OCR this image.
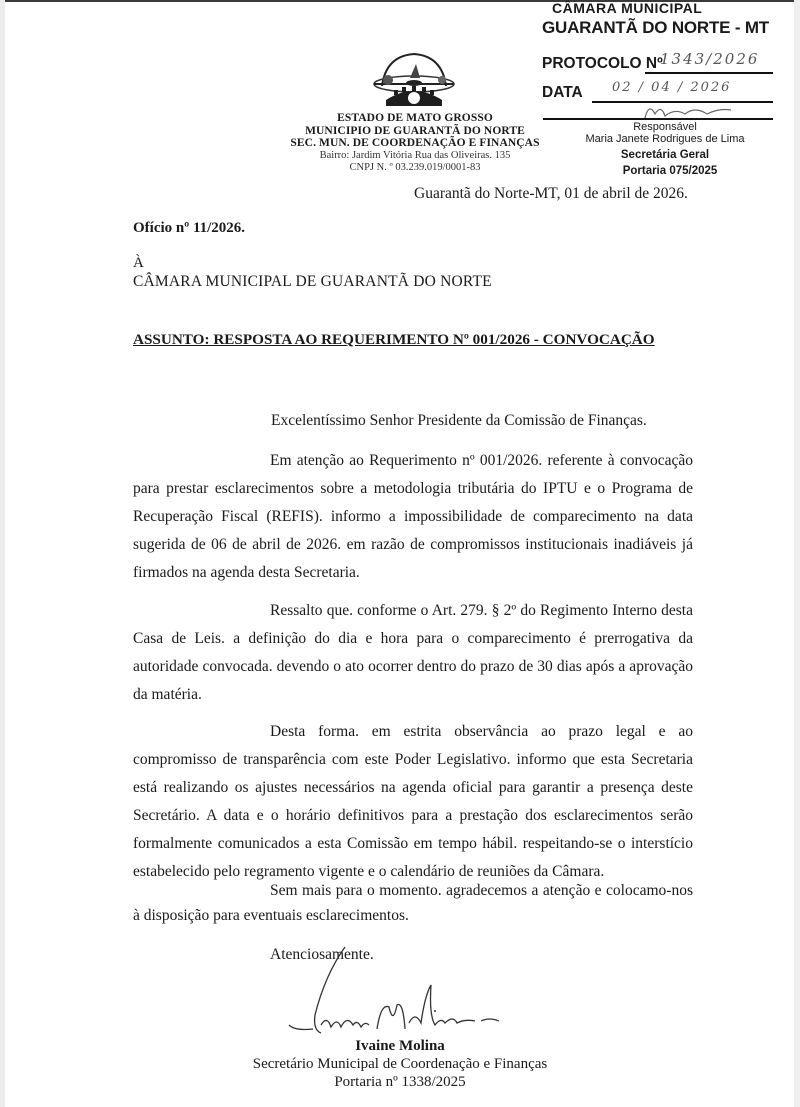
ESTADO DE MATO GROSSO
MUNICIPIO DE GUARANTÃ DO NORTE
SEC. MUN. DE COORDENAÇÃO E FINANÇAS
Bairro: Jardim Vitória Rua das Oliveiras. 135
CNPJ N. º 03.239.019/0001-83
CÂMARA MUNICIPAL
GUARANTÃ DO NORTE - MT
PROTOCOLO Nº
1343/2026
DATA 02 / 04 / 2026
Responsável
Maria Janete Rodrigues de Lima
Secretária Geral
Portaria 075/2025
Guarantã do Norte-MT, 01 de abril de 2026.
Ofício nº 11/2026.
À
CÂMARA MUNICIPAL DE GUARANTÃ DO NORTE
ASSUNTO: RESPOSTA AO REQUERIMENTO Nº 001/2026 - CONVOCAÇÃO
Excelentíssimo Senhor Presidente da Comissão de Finanças.

Em atenção ao Requerimento nº 001/2026. referente à convocação para prestar esclarecimentos sobre a metodologia tributária do IPTU e o Programa de Recuperação Fiscal (REFIS). informo a impossibilidade de comparecimento na data sugerida de 06 de abril de 2026. em razão de compromissos institucionais inadiáveis já firmados na agenda desta Secretaria.

Ressalto que. conforme o Art. 279. § 2º do Regimento Interno desta Casa de Leis. a definição do dia e hora para o comparecimento é prerrogativa da autoridade convocada. devendo o ato ocorrer dentro do prazo de 30 dias após a aprovação da matéria.

Desta forma. em estrita observância ao prazo legal e ao compromisso de transparência com este Poder Legislativo. informo que esta Secretaria está realizando os ajustes necessários na agenda oficial para garantir a presença deste Secretário. A data e o horário definitivos para a prestação dos esclarecimentos serão formalmente comunicados a esta Comissão em tempo hábil. respeitando-se o interstício estabelecido pelo regramento vigente e o calendário de reuniões da Câmara.

Sem mais para o momento. agradecemos a atenção e colocamo-nos à disposição para eventuais esclarecimentos.

Atenciosamente.
Ivaine Molina
Secretário Municipal de Coordenação e Finanças
Portaria nº 1338/2025
